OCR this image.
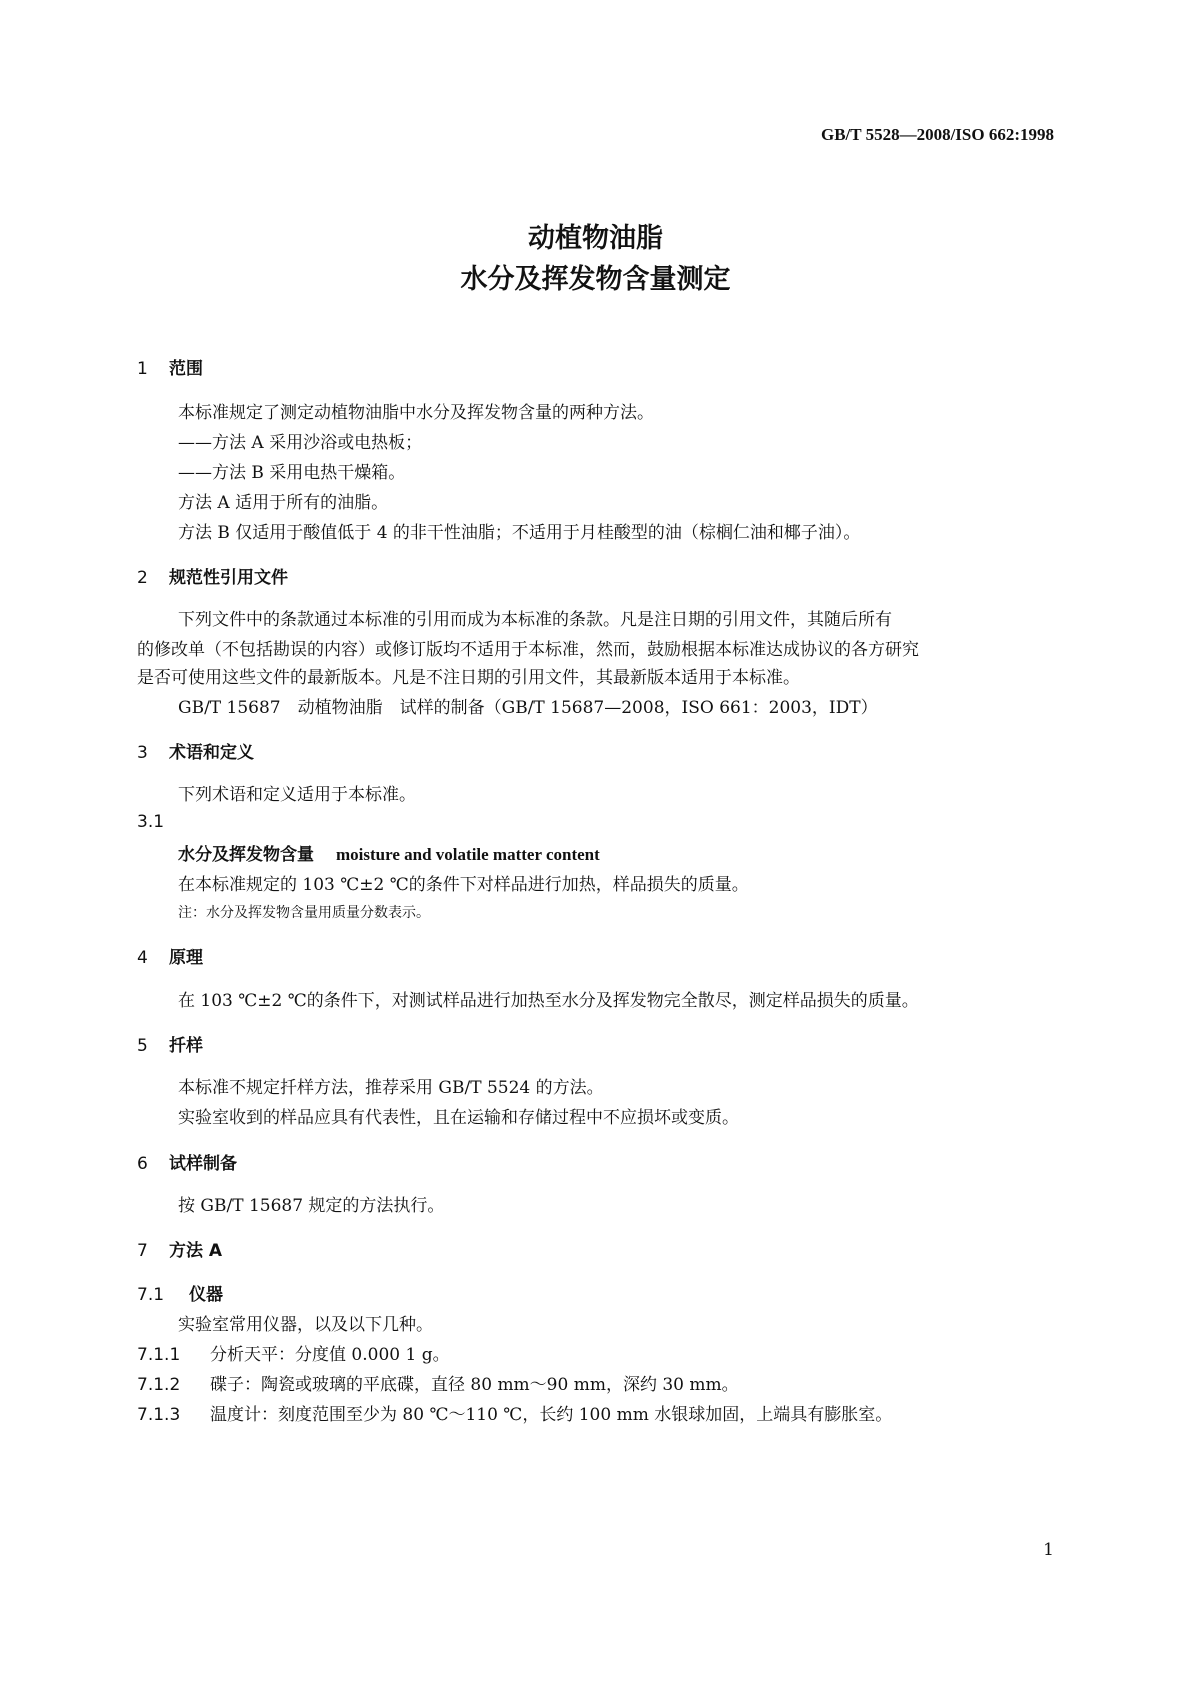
GB/T 5528—2008/ISO 662:1998
动植物油脂
水分及挥发物含量测定
1 范围
本标准规定了测定动植物油脂中水分及挥发物含量的两种方法。
——方法 A 采用沙浴或电热板；
——方法 B 采用电热干燥箱。
方法 A 适用于所有的油脂。
方法 B 仅适用于酸值低于 4 的非干性油脂；不适用于月桂酸型的油（棕榈仁油和椰子油）。
2 规范性引用文件
下列文件中的条款通过本标准的引用而成为本标准的条款。凡是注日期的引用文件，其随后所有
的修改单（不包括勘误的内容）或修订版均不适用于本标准，然而，鼓励根据本标准达成协议的各方研究
是否可使用这些文件的最新版本。凡是不注日期的引用文件，其最新版本适用于本标准。
GB/T 15687　动植物油脂　试样的制备（GB/T 15687—2008，ISO 661：2003，IDT）
3 术语和定义
下列术语和定义适用于本标准。
3.1
水分及挥发物含量 moisture and volatile matter content
在本标准规定的 103 ℃±2 ℃的条件下对样品进行加热，样品损失的质量。
注：水分及挥发物含量用质量分数表示。
4 原理
在 103 ℃±2 ℃的条件下，对测试样品进行加热至水分及挥发物完全散尽，测定样品损失的质量。
5 扦样
本标准不规定扦样方法，推荐采用 GB/T 5524 的方法。
实验室收到的样品应具有代表性，且在运输和存储过程中不应损坏或变质。
6 试样制备
按 GB/T 15687 规定的方法执行。
7 方法 A
7.1 仪器
实验室常用仪器，以及以下几种。
7.1.1 分析天平：分度值 0.000 1 g。
7.1.2 碟子：陶瓷或玻璃的平底碟，直径 80 mm～90 mm，深约 30 mm。
7.1.3 温度计：刻度范围至少为 80 ℃～110 ℃，长约 100 mm 水银球加固，上端具有膨胀室。
1
